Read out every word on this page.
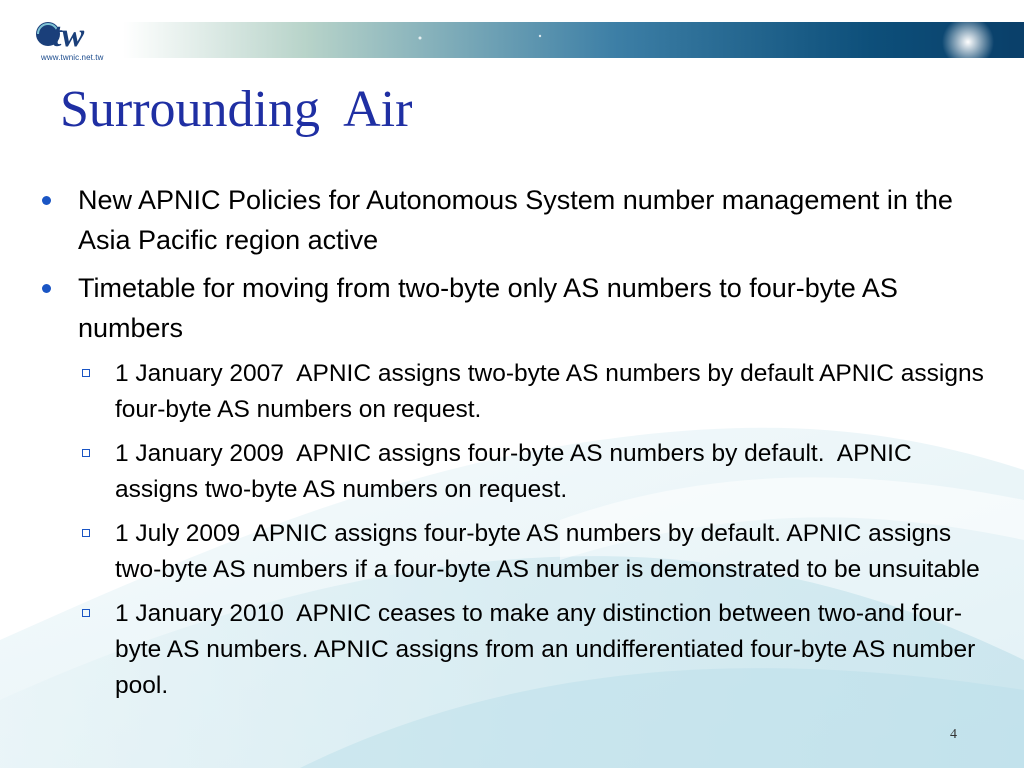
tw
www.twnic.net.tw
Surrounding  Air
New APNIC Policies for Autonomous System number management in the Asia Pacific region active
Timetable for moving from two-byte only AS numbers to four-byte AS numbers
1 January 2007  APNIC assigns two-byte AS numbers by default APNIC assigns four-byte AS numbers on request.
1 January 2009  APNIC assigns four-byte AS numbers by default.  APNIC assigns two-byte AS numbers on request.
1 July 2009  APNIC assigns four-byte AS numbers by default. APNIC assigns two-byte AS numbers if a four-byte AS number is demonstrated to be unsuitable
1 January 2010  APNIC ceases to make any distinction between two-and four-byte AS numbers. APNIC assigns from an undifferentiated four-byte AS number pool.
4
